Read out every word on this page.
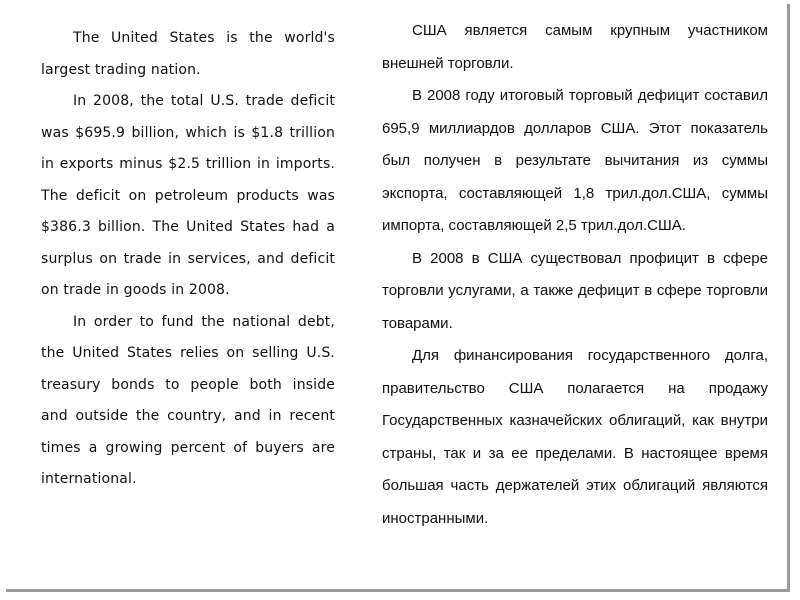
The United States is the world's largest trading nation.

In 2008, the total U.S. trade deficit was $695.9 billion, which is $1.8 trillion in exports minus $2.5 trillion in imports. The deficit on petroleum products was $386.3 billion. The United States had a surplus on trade in services, and deficit on trade in goods in 2008.

In order to fund the national debt, the United States relies on selling U.S. treasury bonds to people both inside and outside the country, and in recent times a growing percent of buyers are international.

США является самым крупным участником внешней торговли.

В 2008 году итоговый торговый дефицит составил 695,9 миллиардов долларов США. Этот показатель был получен в результате вычитания из суммы экспорта, составляющей 1,8 трил.дол.США, суммы импорта, составляющей 2,5 трил.дол.США.

В 2008 в США существовал профицит в сфере торговли услугами, а также дефицит в сфере торговли товарами.

Для финансирования государственного долга, правительство США полагается на продажу Государственных казначейских облигаций, как внутри страны, так и за ее пределами. В настоящее время большая часть держателей этих облигаций являются иностранными.
